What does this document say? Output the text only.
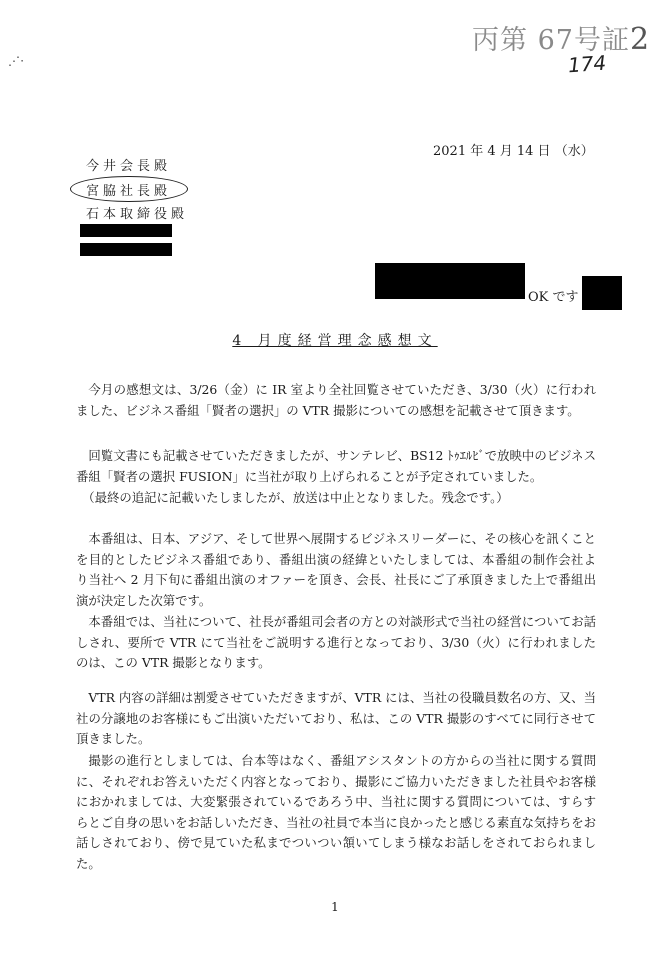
丙第 67号証2
174
⋰⋅
2021 年 4 月 14 日 （水）
今井会長殿
宮脇社長殿
石本取締役殿
OK です
4 月度経営理念感想文

今月の感想文は、3/26（金）に IR 室より全社回覧させていただき、3/30（火）に行われました、ビジネス番組「賢者の選択」の VTR 撮影についての感想を記載させて頂きます。

回覧文書にも記載させていただきましたが、サンテレビ、BS12 ﾄｩｴﾙﾋﾞで放映中のビジネス番組「賢者の選択 FUSION」に当社が取り上げられることが予定されていました。

（最終の追記に記載いたしましたが、放送は中止となりました。残念です。）

本番組は、日本、アジア、そして世界へ展開するビジネスリーダーに、その核心を訊くことを目的としたビジネス番組であり、番組出演の経緯といたしましては、本番組の制作会社より当社へ 2 月下旬に番組出演のオファーを頂き、会長、社長にご了承頂きました上で番組出演が決定した次第です。

本番組では、当社について、社長が番組司会者の方との対談形式で当社の経営についてお話しされ、要所で VTR にて当社をご説明する進行となっており、3/30（火）に行われましたのは、この VTR 撮影となります。

VTR 内容の詳細は割愛させていただきますが、VTR には、当社の役職員数名の方、又、当社の分譲地のお客様にもご出演いただいており、私は、この VTR 撮影のすべてに同行させて頂きました。

撮影の進行としましては、台本等はなく、番組アシスタントの方からの当社に関する質問に、それぞれお答えいただく内容となっており、撮影にご協力いただきました社員やお客様におかれましては、大変緊張されているであろう中、当社に関する質問については、すらすらとご自身の思いをお話しいただき、当社の社員で本当に良かったと感じる素直な気持ちをお話しされており、傍で見ていた私までついつい頷いてしまう様なお話しをされておられました。

1
